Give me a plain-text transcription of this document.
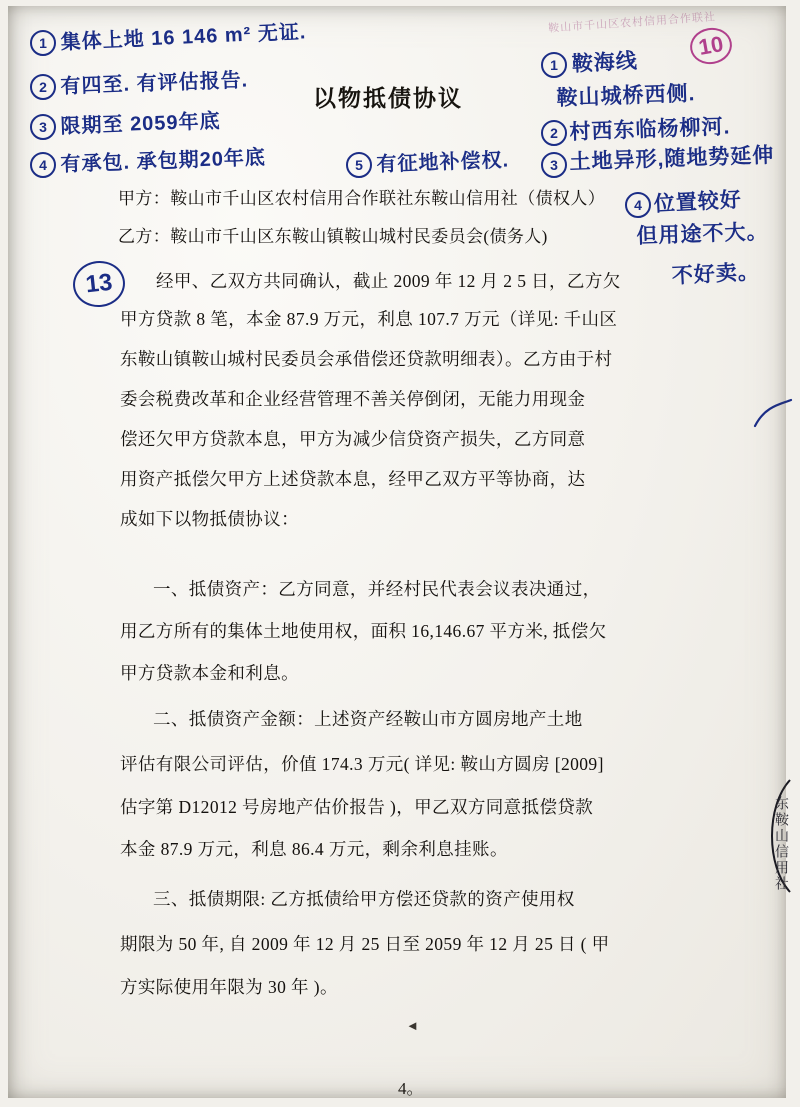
1 集体上地 16 146 m² 无证.
2 有四至. 有评估报告.
3 限期至 2059年底
4 有承包. 承包期20年底	5 有征地补偿权.
鞍山市千山区农村信用合作联社
10
1 鞍海线
鞍山城桥西侧.
2 村西东临杨柳河.
3 土地异形,随地势延伸
4 位置较好
但用途不大。
不好卖。
以物抵债协议
甲方：鞍山市千山区农村信用合作联社东鞍山信用社（债权人）
乙方：鞍山市千山区东鞍山镇鞍山城村民委员会(债务人)
13	经甲、乙双方共同确认，截止 2009 年 12 月 2 5 日，乙方欠
甲方贷款 8 笔，本金 87.9 万元，利息 107.7 万元（详见: 千山区
东鞍山镇鞍山城村民委员会承借偿还贷款明细表）。乙方由于村
委会税费改革和企业经营管理不善关停倒闭，无能力用现金
偿还欠甲方贷款本息，甲方为减少信贷资产损失，乙方同意
用资产抵偿欠甲方上述贷款本息，经甲乙双方平等协商，达
成如下以物抵债协议：
一、抵债资产：乙方同意，并经村民代表会议表决通过，
用乙方所有的集体土地使用权，面积 16,146.67 平方米, 抵偿欠
甲方贷款本金和利息。
二、抵债资产金额：上述资产经鞍山市方圆房地产土地
评估有限公司评估，价值 174.3 万元( 详见: 鞍山方圆房 [2009]
估字第 D12012 号房地产估价报告 )，甲乙双方同意抵偿贷款
本金 87.9 万元，利息 86.4 万元，剩余利息挂账。
三、抵债期限: 乙方抵债给甲方偿还贷款的资产使用权
期限为 50 年, 自 2009 年 12 月 25 日至 2059 年 12 月 25 日 ( 甲
方实际使用年限为 30 年 )。
东鞍山信用社
◄
4。
